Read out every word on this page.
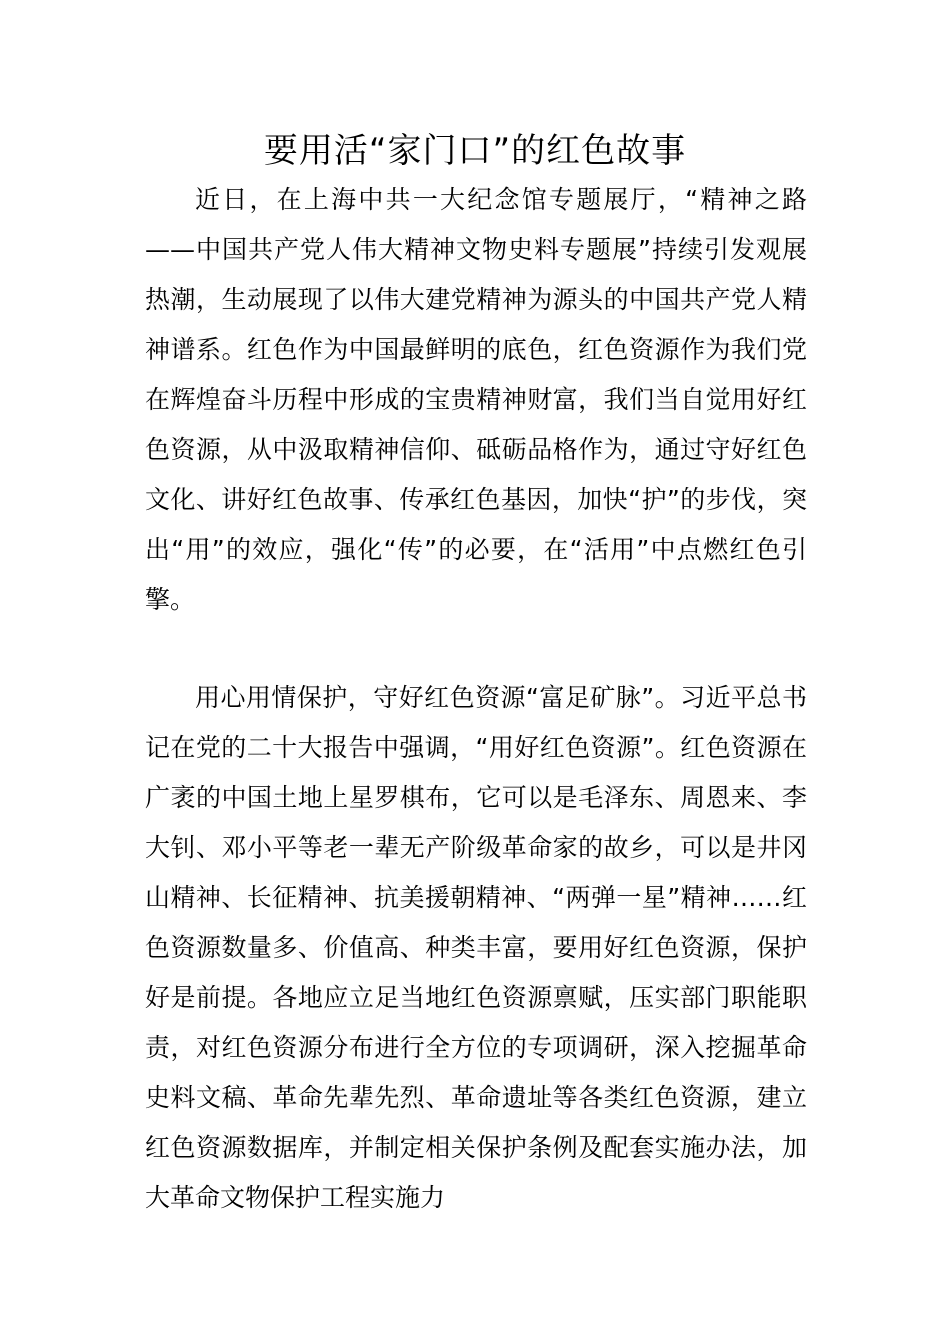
要用活“家门口”的红色故事

近日，在上海中共一大纪念馆专题展厅，“精神之路——中国共产党人伟大精神文物史料专题展”持续引发观展热潮，生动展现了以伟大建党精神为源头的中国共产党人精神谱系。红色作为中国最鲜明的底色，红色资源作为我们党在辉煌奋斗历程中形成的宝贵精神财富，我们当自觉用好红色资源，从中汲取精神信仰、砥砺品格作为，通过守好红色文化、讲好红色故事、传承红色基因，加快“护”的步伐，突出“用”的效应，强化“传”的必要，在“活用”中点燃红色引擎。

用心用情保护，守好红色资源“富足矿脉”。习近平总书记在党的二十大报告中强调，“用好红色资源”。红色资源在广袤的中国土地上星罗棋布，它可以是毛泽东、周恩来、李大钊、邓小平等老一辈无产阶级革命家的故乡，可以是井冈山精神、长征精神、抗美援朝精神、“两弹一星”精神……红色资源数量多、价值高、种类丰富，要用好红色资源，保护好是前提。各地应立足当地红色资源禀赋，压实部门职能职责，对红色资源分布进行全方位的专项调研，深入挖掘革命史料文稿、革命先辈先烈、革命遗址等各类红色资源，建立红色资源数据库，并制定相关保护条例及配套实施办法，加大革命文物保护工程实施力
